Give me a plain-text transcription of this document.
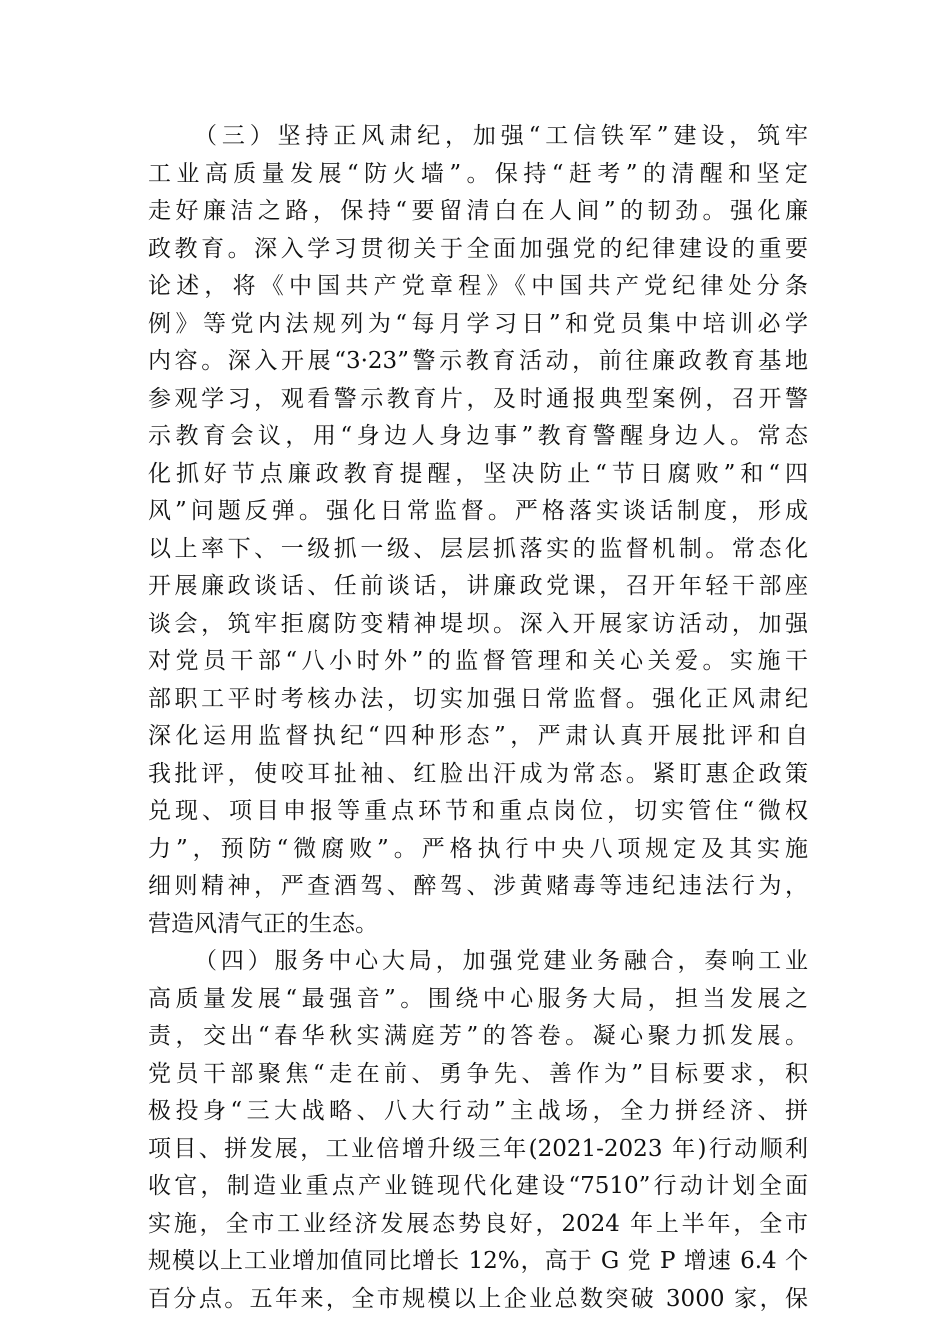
（三）坚持正风肃纪，加强“工信铁军”建设，筑牢
工业高质量发展“防火墙”。保持“赶考”的清醒和坚定
走好廉洁之路，保持“要留清白在人间”的韧劲。强化廉
政教育。深入学习贯彻关于全面加强党的纪律建设的重要
论述，将《中国共产党章程》《中国共产党纪律处分条
例》等党内法规列为“每月学习日”和党员集中培训必学
内容。深入开展“3·23”警示教育活动，前往廉政教育基地
参观学习，观看警示教育片，及时通报典型案例，召开警
示教育会议，用“身边人身边事”教育警醒身边人。常态
化抓好节点廉政教育提醒，坚决防止“节日腐败”和“四
风”问题反弹。强化日常监督。严格落实谈话制度，形成
以上率下、一级抓一级、层层抓落实的监督机制。常态化
开展廉政谈话、任前谈话，讲廉政党课，召开年轻干部座
谈会，筑牢拒腐防变精神堤坝。深入开展家访活动，加强
对党员干部“八小时外”的监督管理和关心关爱。实施干
部职工平时考核办法，切实加强日常监督。强化正风肃纪
深化运用监督执纪“四种形态”，严肃认真开展批评和自
我批评，使咬耳扯袖、红脸出汗成为常态。紧盯惠企政策
兑现、项目申报等重点环节和重点岗位，切实管住“微权
力”，预防“微腐败”。严格执行中央八项规定及其实施
细则精神，严查酒驾、醉驾、涉黄赌毒等违纪违法行为，
营造风清气正的生态。
（四）服务中心大局，加强党建业务融合，奏响工业
高质量发展“最强音”。围绕中心服务大局，担当发展之
责，交出“春华秋实满庭芳”的答卷。凝心聚力抓发展。
党员干部聚焦“走在前、勇争先、善作为”目标要求，积
极投身“三大战略、八大行动”主战场，全力拼经济、拼
项目、拼发展，工业倍增升级三年(2021-2023 年)行动顺利
收官，制造业重点产业链现代化建设“7510”行动计划全面
实施，全市工业经济发展态势良好，2024 年上半年，全市
规模以上工业增加值同比增长 12%，高于 G 党 P 增速 6.4 个
百分点。五年来，全市规模以上企业总数突破 3000 家，保
